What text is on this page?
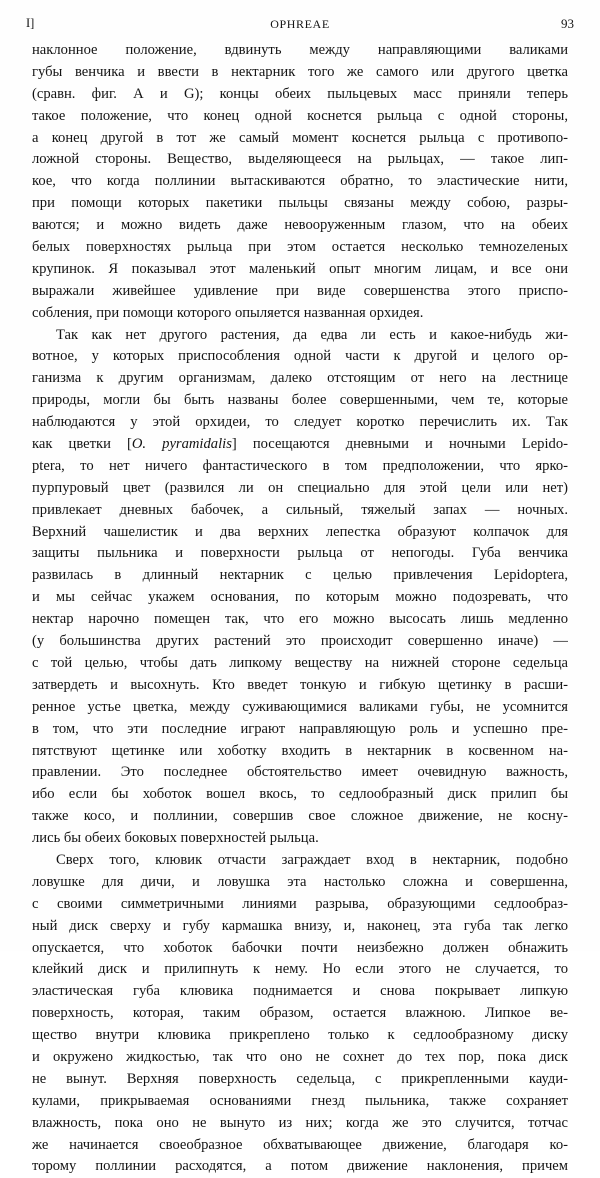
I]	OPHREAE	93
наклонное положение, вдвинуть между направляющими валиками
губы венчика и ввести в нектарник того же самого или другого цветка
(сравн. фиг. А и G); концы обеих пыльцевых масс приняли теперь
такое положение, что конец одной коснется рыльца с одной стороны,
а конец другой в тот же самый момент коснется рыльца с противопо-
ложной стороны. Вещество, выделяющееся на рыльцах, — такое лип-
кое, что когда поллинии вытаскиваются обратно, то эластические нити,
при помощи которых пакетики пыльцы связаны между собою, разры-
ваются; и можно видеть даже невооруженным глазом, что на обеих
белых поверхностях рыльца при этом остается несколько темноzеленых
крупинок. Я показывал этот маленький опыт многим лицам, и все они
выражали живейшее удивление при виде совершенства этого приспо-
собления, при помощи которого опыляется названная орхидея.
Так как нет другого растения, да едва ли есть и какое-нибудь жи-
вотное, у которых приспособления одной части к другой и целого ор-
ганизма к другим организмам, далеко отстоящим от него на лестнице
природы, могли бы быть названы более совершенными, чем те, которые
наблюдаются у этой орхидеи, то следует коротко перечислить их. Так
как цветки [O. pyramidalis] посещаются дневными и ночными Lepidо-
ptera, то нет ничего фантастического в том предположении, что ярко-
пурпуровый цвет (развился ли он специально для этой цели или нет)
привлекает дневных бабочек, а сильный, тяжелый запах — ночных.
Верхний чашелистик и два верхних лепестка образуют колпачок для
защиты пыльника и поверхности рыльца от непогоды. Губа венчика
развилась в длинный нектарник с целью привлечения Lepidoptera,
и мы сейчас укажем основания, по которым можно подозревать, что
нектар нарочно помещен так, что его можно высосать лишь медленно
(у большинства других растений это происходит совершенно иначе) —
с той целью, чтобы дать липкому веществу на нижней стороне седельца
затвердеть и высохнуть. Кто введет тонкую и гибкую щетинку в расши-
ренное устье цветка, между суживающимися валиками губы, не усомнится
в том, что эти последние играют направляющую роль и успешно пре-
пятствуют щетинке или хоботку входить в нектарник в косвенном на-
правлении. Это последнее обстоятельство имеет очевидную важность,
ибо если бы хоботок вошел вкось, то седлообразный диск прилип бы
также косо, и поллинии, совершив свое сложное движение, не косну-
лись бы обеих боковых поверхностей рыльца.
Сверх того, клювик отчасти заграждает вход в нектарник, подобно
ловушке для дичи, и ловушка эта настолько сложна и совершенна,
с своими симметричными линиями разрыва, образующими седлообраз-
ный диск сверху и губу кармашка внизу, и, наконец, эта губа так легко
опускается, что хоботок бабочки почти неизбежно должен обнажить
клейкий диск и прилипнуть к нему. Но если этого не случается, то
эластическая губа клювика поднимается и снова покрывает липкую
поверхность, которая, таким образом, остается влажною. Липкое ве-
щество внутри клювика прикреплено только к седлообразному диску
и окружено жидкостью, так что оно не сохнет до тех пор, пока диск
не вынут. Верхняя поверхность седельца, с прикрепленными кауди-
кулами, прикрываемая основаниями гнезд пыльника, также сохраняет
влажность, пока оно не вынуто из них; когда же это случится, тотчас
же начинается своеобразное обхватывающее движение, благодаря ко-
торому поллинии расходятся, а потом движение наклонения, причем
